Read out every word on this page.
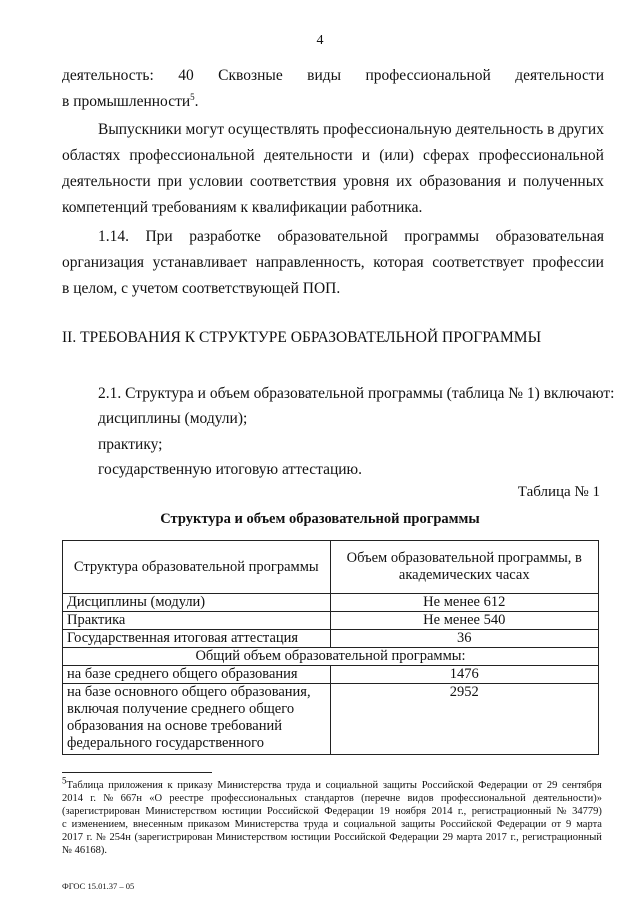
4
деятельность: 40 Сквозные виды профессиональной деятельности
в промышленности$^5$.
Выпускники могут осуществлять профессиональную деятельность в других
областях профессиональной деятельности и (или) сферах профессиональной
деятельности при условии соответствия уровня их образования и полученных
компетенций требованиям к квалификации работника.
1.14. При разработке образовательной программы образовательная
организация устанавливает направленность, которая соответствует профессии
в целом, с учетом соответствующей ПОП.
II. ТРЕБОВАНИЯ К СТРУКТУРЕ ОБРАЗОВАТЕЛЬНОЙ ПРОГРАММЫ
2.1. Структура и объем образовательной программы (таблица № 1) включают:
дисциплины (модули);
практику;
государственную итоговую аттестацию.
Таблица № 1
Структура и объем образовательной программы
Структура образовательной программы	Объем образовательной программы, в академических часах
Дисциплины (модули)	Не менее 612
Практика	Не менее 540
Государственная итоговая аттестация	36
Общий объем образовательной программы:	
на базе среднего общего образования	1476
на базе основного общего образования, включая получение среднего общего образования на основе требований федерального государственного	2952
$^5$Таблица приложения к приказу Министерства труда и социальной защиты Российской Федерации от 29 сентября
2014 г. № 667н «О реестре профессиональных стандартов (перечне видов профессиональной деятельности)»
(зарегистрирован Министерством юстиции Российской Федерации 19 ноября 2014 г., регистрационный № 34779)
с изменением, внесенным приказом Министерства труда и социальной защиты Российской Федерации от 9 марта
2017 г. № 254н (зарегистрирован Министерством юстиции Российской Федерации 29 марта 2017 г., регистрационный
№ 46168).
ФГОС 15.01.37 – 05
